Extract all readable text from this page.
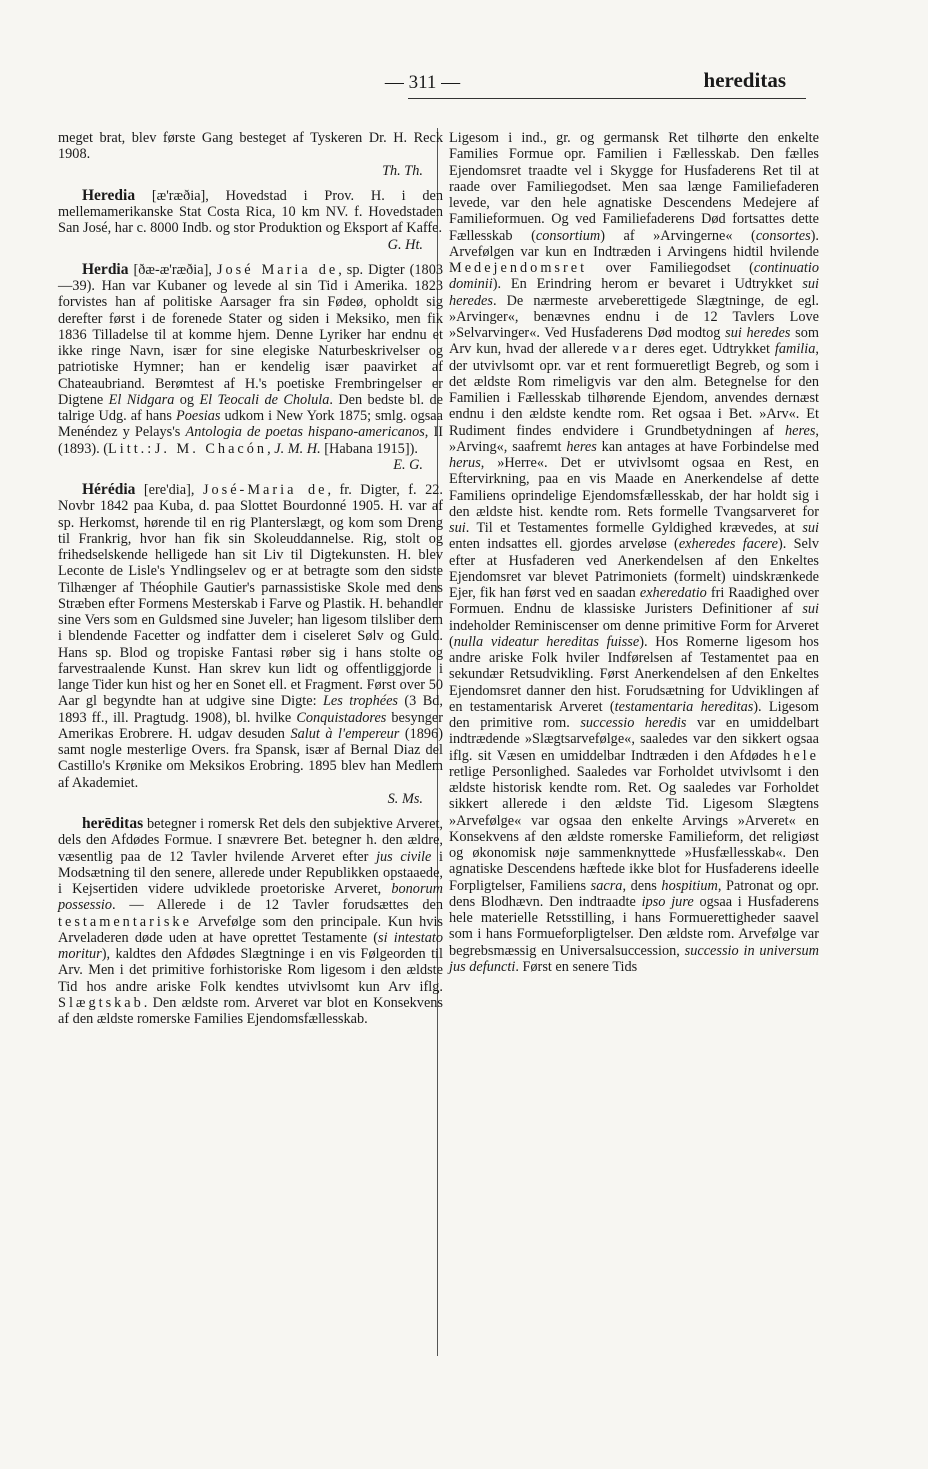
— 311 —	hereditas

meget brat, blev første Gang besteget af Tyskeren Dr. H. Reck 1908.
Th. Th.

Heredia [æ'ræðia], Hovedstad i Prov. H. i den mellemamerikanske Stat Costa Rica, 10 km NV. f. Hovedstaden San José, har c. 8000 Indb. og stor Produktion og Eksport af Kaffe.
G. Ht.

Herdia [ðæ-æ'ræðia], José Maria de, sp. Digter (1803—39). Han var Kubaner og levede al sin Tid i Amerika. 1823 forvistes han af politiske Aarsager fra sin Fødeø, opholdt sig derefter først i de forenede Stater og siden i Meksiko, men fik 1836 Tilladelse til at komme hjem. Denne Lyriker har endnu et ikke ringe Navn, især for sine elegiske Naturbeskrivelser og patriotiske Hymner; han er kendelig især paavirket af Chateaubriand. Berømtest af H.'s poetiske Frembringelser er Digtene El Nidgara og El Teocali de Cholula. Den bedste bl. de talrige Udg. af hans Poesias udkom i New York 1875; smlg. ogsaa Menéndez y Pelays's Antologia de poetas hispano-americanos, II (1893). (Litt.: J. M. Chacón, J. M. H. [Habana 1915]).
E. G.

Hérédia [ere'dia], José-Maria de, fr. Digter, f. 22. Novbr 1842 paa Kuba, d. paa Slottet Bourdonné 1905. H. var af sp. Herkomst, hørende til en rig Planterslægt, og kom som Dreng til Frankrig, hvor han fik sin Skoleuddannelse. Rig, stolt og frihedselskende helligede han sit Liv til Digtekunsten. H. blev Leconte de Lisle's Yndlingselev og er at betragte som den sidste Tilhænger af Théophile Gautier's parnassistiske Skole med dens Stræben efter Formens Mesterskab i Farve og Plastik. H. behandler sine Vers som en Guldsmed sine Juveler; han ligesom tilsliber dem i blendende Facetter og indfatter dem i ciseleret Sølv og Guld. Hans sp. Blod og tropiske Fantasi røber sig i hans stolte og farvestraalende Kunst. Han skrev kun lidt og offentliggjorde i lange Tider kun hist og her en Sonet ell. et Fragment. Først over 50 Aar gl begyndte han at udgive sine Digte: Les trophées (3 Bd, 1893 ff., ill. Pragtudg. 1908), bl. hvilke Conquistadores besynger Amerikas Erobrere. H. udgav desuden Salut à l'empereur (1896) samt nogle mesterlige Overs. fra Spansk, især af Bernal Diaz del Castillo's Krønike om Meksikos Erobring. 1895 blev han Medlem af Akademiet.
S. Ms.

herēditas betegner i romersk Ret dels den subjektive Arveret, dels den Afdødes Formue. I snævrere Bet. betegner h. den ældre, væsentlig paa de 12 Tavler hvilende Arveret efter jus civile i Modsætning til den senere, allerede under Republikken opstaaede, i Kejsertiden videre udviklede proetoriske Arveret, bonorum possessio. — Allerede i de 12 Tavler forudsættes den testamentariske Arvefølge som den principale. Kun hvis Arveladeren døde uden at have oprettet Testamente (si intestato moritur), kaldtes den Afdødes Slægtninge i en vis Følgeorden til Arv. Men i det primitive forhistoriske Rom ligesom i den ældste Tid hos andre ariske Folk kendtes utvivlsomt kun Arv iflg. Slægtskab. Den ældste rom. Arveret var blot en Konsekvens af den ældste romerske Families Ejendomsfællesskab.

Ligesom i ind., gr. og germansk Ret tilhørte den enkelte Families Formue opr. Familien i Fællesskab. Den fælles Ejendomsret traadte vel i Skygge for Husfaderens Ret til at raade over Familiegodset. Men saa længe Familiefaderen levede, var den hele agnatiske Descendens Medejere af Familieformuen. Og ved Familiefaderens Død fortsattes dette Fællesskab (consortium) af »Arvingerne« (consortes). Arvefølgen var kun en Indtræden i Arvingens hidtil hvilende Medejendomsret over Familiegodset (continuatio dominii). En Erindring herom er bevaret i Udtrykket sui heredes. De nærmeste arveberettigede Slægtninge, de egl. »Arvinger«, benævnes endnu i de 12 Tavlers Love »Selvarvinger«. Ved Husfaderens Død modtog sui heredes som Arv kun, hvad der allerede var deres eget. Udtrykket familia, der utvivlsomt opr. var et rent formueretligt Begreb, og som i det ældste Rom rimeligvis var den alm. Betegnelse for den Familien i Fællesskab tilhørende Ejendom, anvendes dernæst endnu i den ældste kendte rom. Ret ogsaa i Bet. »Arv«. Et Rudiment findes endvidere i Grundbetydningen af heres, »Arving«, saafremt heres kan antages at have Forbindelse med herus, »Herre«. Det er utvivlsomt ogsaa en Rest, en Eftervirkning, paa en vis Maade en Anerkendelse af dette Familiens oprindelige Ejendomsfællesskab, der har holdt sig i den ældste hist. kendte rom. Rets formelle Tvangsarveret for sui. Til et Testamentes formelle Gyldighed krævedes, at sui enten indsattes ell. gjordes arveløse (exheredes facere). Selv efter at Husfaderen ved Anerkendelsen af den Enkeltes Ejendomsret var blevet Patrimoniets (formelt) uindskrænkede Ejer, fik han først ved en saadan exheredatio fri Raadighed over Formuen. Endnu de klassiske Juristers Definitioner af sui indeholder Reminiscenser om denne primitive Form for Arveret (nulla videatur hereditas fuisse). Hos Romerne ligesom hos andre ariske Folk hviler Indførelsen af Testamentet paa en sekundær Retsudvikling. Først Anerkendelsen af den Enkeltes Ejendomsret danner den hist. Forudsætning for Udviklingen af en testamentarisk Arveret (testamentaria hereditas). Ligesom den primitive rom. successio heredis var en umiddelbart indtrædende »Slægtsarvefølge«, saaledes var den sikkert ogsaa iflg. sit Væsen en umiddelbar Indtræden i den Afdødes hele retlige Personlighed. Saaledes var Forholdet utvivlsomt i den ældste historisk kendte rom. Ret. Og saaledes var Forholdet sikkert allerede i den ældste Tid. Ligesom Slægtens »Arvefølge« var ogsaa den enkelte Arvings »Arveret« en Konsekvens af den ældste romerske Familieform, det religiøst og økonomisk nøje sammenknyttede »Husfællesskab«. Den agnatiske Descendens hæftede ikke blot for Husfaderens ideelle Forpligtelser, Familiens sacra, dens hospitium, Patronat og opr. dens Blodhævn. Den indtraadte ipso jure ogsaa i Husfaderens hele materielle Retsstilling, i hans Formuerettigheder saavel som i hans Formueforpligtelser. Den ældste rom. Arvefølge var begrebsmæssig en Universalsuccession, successio in universum jus defuncti. Først en senere Tids
